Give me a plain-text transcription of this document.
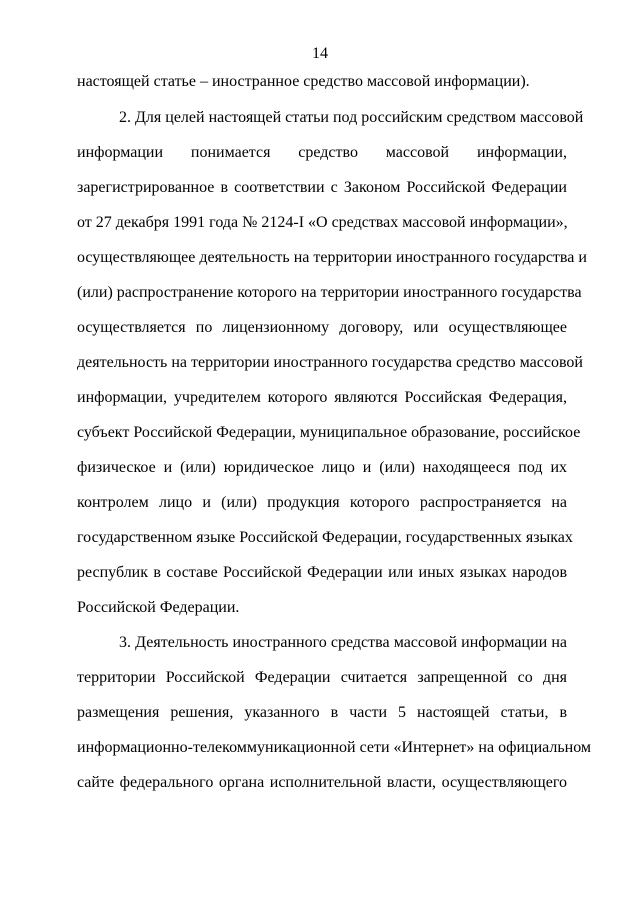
14
настоящей статье – иностранное средство массовой информации).
2. Для целей настоящей статьи под российским средством массовой
информации понимается средство массовой информации,
зарегистрированное в соответствии с Законом Российской Федерации
от 27 декабря 1991 года № 2124-I «О средствах массовой информации»,
осуществляющее деятельность на территории иностранного государства и
(или) распространение которого на территории иностранного государства
осуществляется по лицензионному договору, или осуществляющее
деятельность на территории иностранного государства средство массовой
информации, учредителем которого являются Российская Федерация,
субъект Российской Федерации, муниципальное образование, российское
физическое и (или) юридическое лицо и (или) находящееся под их
контролем лицо и (или) продукция которого распространяется на
государственном языке Российской Федерации, государственных языках
республик в составе Российской Федерации или иных языках народов
Российской Федерации.
3. Деятельность иностранного средства массовой информации на
территории Российской Федерации считается запрещенной со дня
размещения решения, указанного в части 5 настоящей статьи, в
информационно-телекоммуникационной сети «Интернет» на официальном
сайте федерального органа исполнительной власти, осуществляющего
